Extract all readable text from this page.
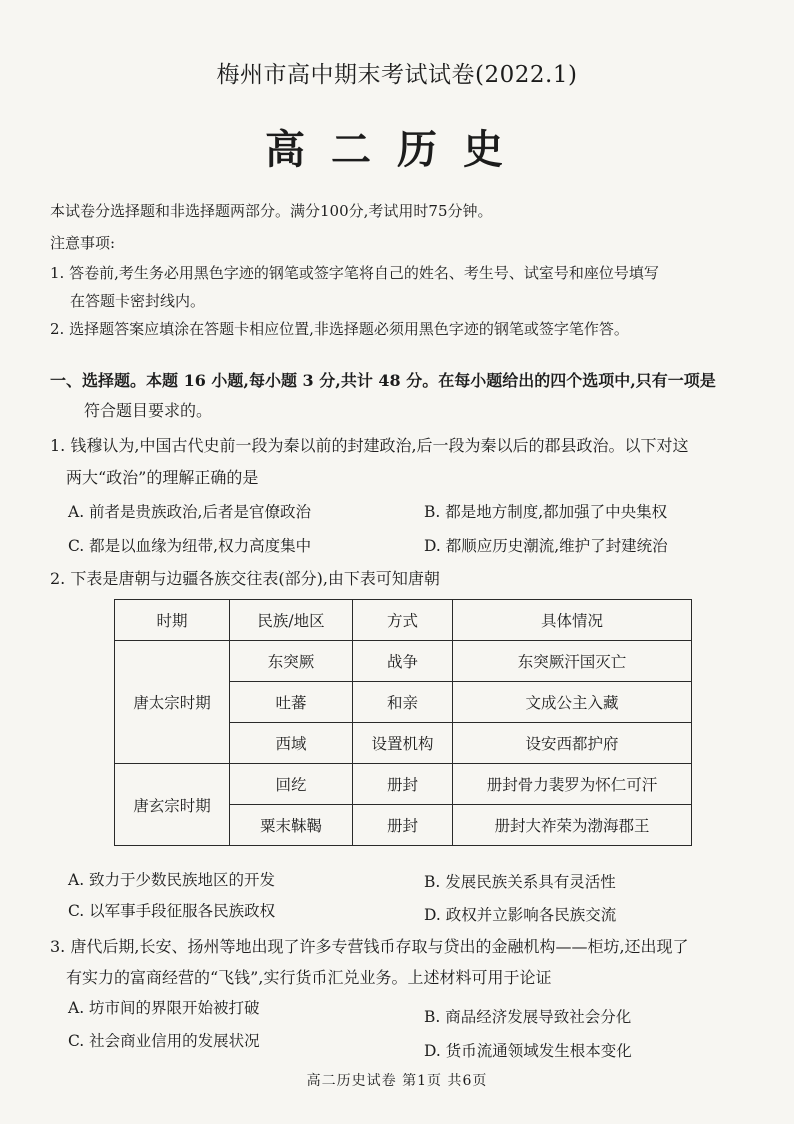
梅州市高中期末考试试卷(2022.1)
高二历史
本试卷分选择题和非选择题两部分。满分100分,考试用时75分钟。
注意事项:
1. 答卷前,考生务必用黑色字迹的钢笔或签字笔将自己的姓名、考生号、试室号和座位号填写
在答题卡密封线内。
2. 选择题答案应填涂在答题卡相应位置,非选择题必须用黑色字迹的钢笔或签字笔作答。
一、选择题。本题 16 小题,每小题 3 分,共计 48 分。在每小题给出的四个选项中,只有一项是
符合题目要求的。
1. 钱穆认为,中国古代史前一段为秦以前的封建政治,后一段为秦以后的郡县政治。以下对这
两大“政治”的理解正确的是
A. 前者是贵族政治,后者是官僚政治	B. 都是地方制度,都加强了中央集权
C. 都是以血缘为纽带,权力高度集中	D. 都顺应历史潮流,维护了封建统治
2. 下表是唐朝与边疆各族交往表(部分),由下表可知唐朝
时期	民族/地区	方式	具体情况
唐太宗时期	东突厥	战争	东突厥汗国灭亡
	吐蕃	和亲	文成公主入藏
	西域	设置机构	设安西都护府
唐玄宗时期	回纥	册封	册封骨力裴罗为怀仁可汗
	粟末靺鞨	册封	册封大祚荣为渤海郡王
A. 致力于少数民族地区的开发	B. 发展民族关系具有灵活性
C. 以军事手段征服各民族政权	D. 政权并立影响各民族交流
3. 唐代后期,长安、扬州等地出现了许多专营钱币存取与贷出的金融机构——柜坊,还出现了
有实力的富商经营的“飞钱”,实行货币汇兑业务。上述材料可用于论证
A. 坊市间的界限开始被打破	B. 商品经济发展导致社会分化
C. 社会商业信用的发展状况
D. 货币流通领域发生根本变化
高二历史试卷 第1页 共6页
